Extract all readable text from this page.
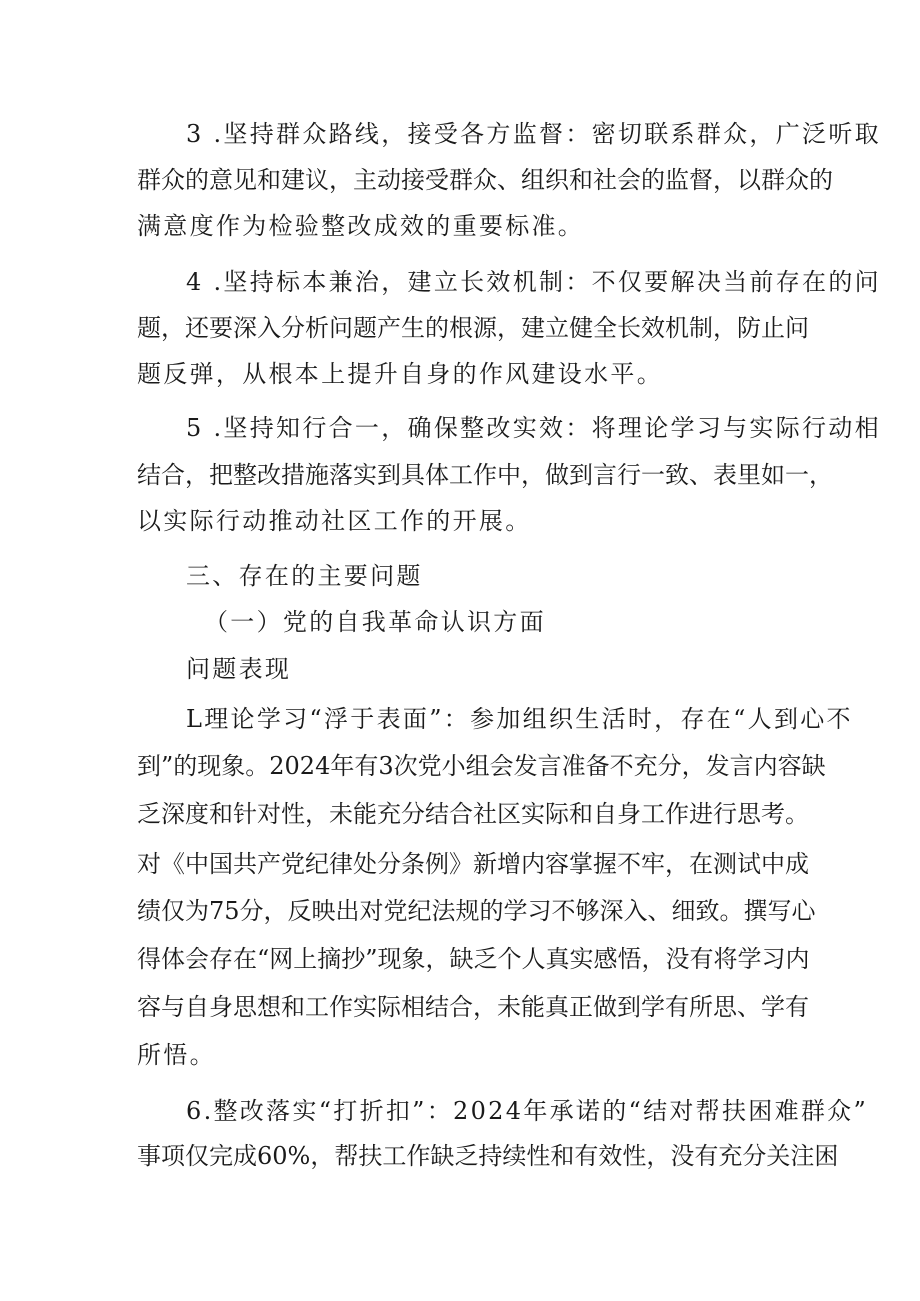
3 .坚持群众路线，接受各方监督：密切联系群众，广泛听取
群众的意见和建议，主动接受群众、组织和社会的监督，以群众的
满意度作为检验整改成效的重要标准。
4 .坚持标本兼治，建立长效机制：不仅要解决当前存在的问
题，还要深入分析问题产生的根源，建立健全长效机制，防止问
题反弹，从根本上提升自身的作风建设水平。
5 .坚持知行合一，确保整改实效：将理论学习与实际行动相
结合，把整改措施落实到具体工作中，做到言行一致、表里如一，
以实际行动推动社区工作的开展。
三、存在的主要问题
（一）党的自我革命认识方面
问题表现
L理论学习“浮于表面”：参加组织生活时，存在“人到心不
到”的现象。2024年有3次党小组会发言准备不充分，发言内容缺
乏深度和针对性，未能充分结合社区实际和自身工作进行思考。
对《中国共产党纪律处分条例》新增内容掌握不牢，在测试中成
绩仅为75分，反映出对党纪法规的学习不够深入、细致。撰写心
得体会存在“网上摘抄”现象，缺乏个人真实感悟，没有将学习内
容与自身思想和工作实际相结合，未能真正做到学有所思、学有
所悟。
6.整改落实“打折扣”：2024年承诺的“结对帮扶困难群众”
事项仅完成60%，帮扶工作缺乏持续性和有效性，没有充分关注困
